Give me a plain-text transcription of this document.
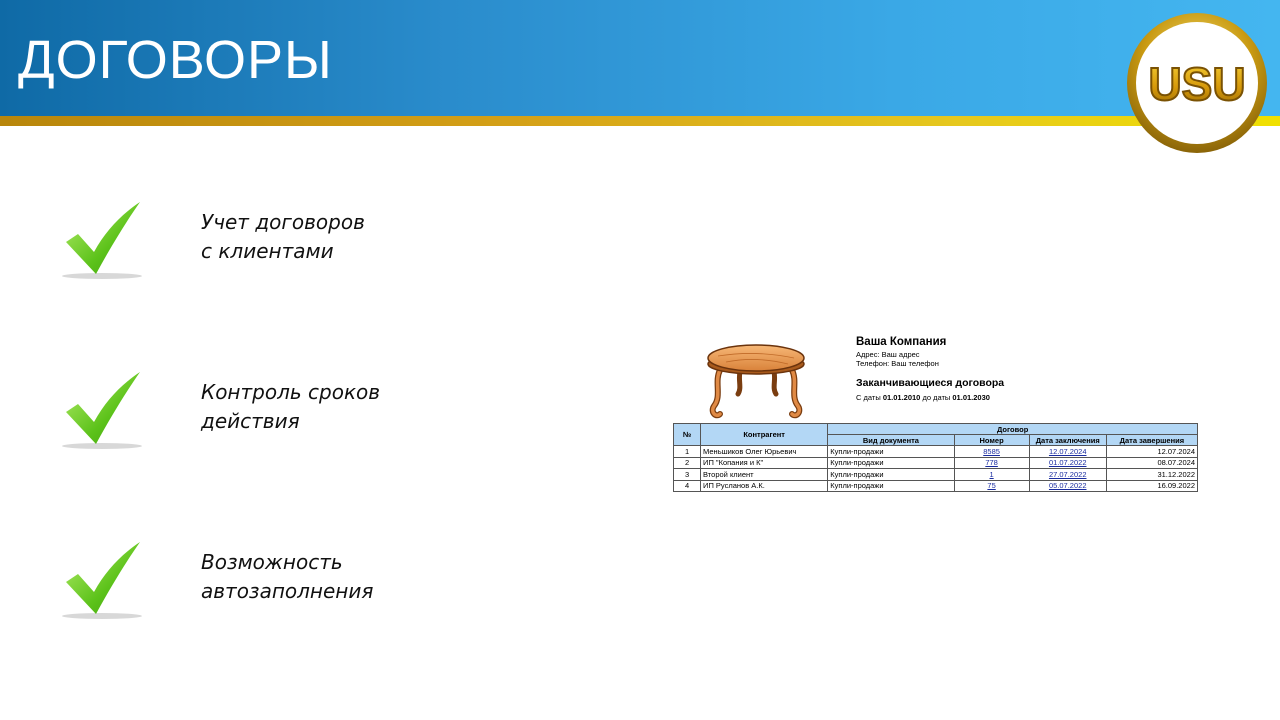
ДОГОВОРЫ	USU
Учет договоров
с клиентами
Контроль сроков
действия
Возможность
автозаполнения
Ваша Компания
Адрес: Ваш адрес
Телефон: Ваш телефон
Заканчивающиеся договора
С даты 01.01.2010 до даты 01.01.2030
№	Контрагент	Договор			
		Вид документа	Номер	Дата заключения	Дата завершения
1	Меньшиков Олег Юрьевич	Купли-продажи	8585	12.07.2024	12.07.2024
2	ИП "Копания и К"	Купли-продажи	778	01.07.2022	08.07.2024
3	Второй клиент	Купли-продажи	1	27.07.2022	31.12.2022
4	ИП Русланов А.К.	Купли-продажи	75	05.07.2022	16.09.2022
